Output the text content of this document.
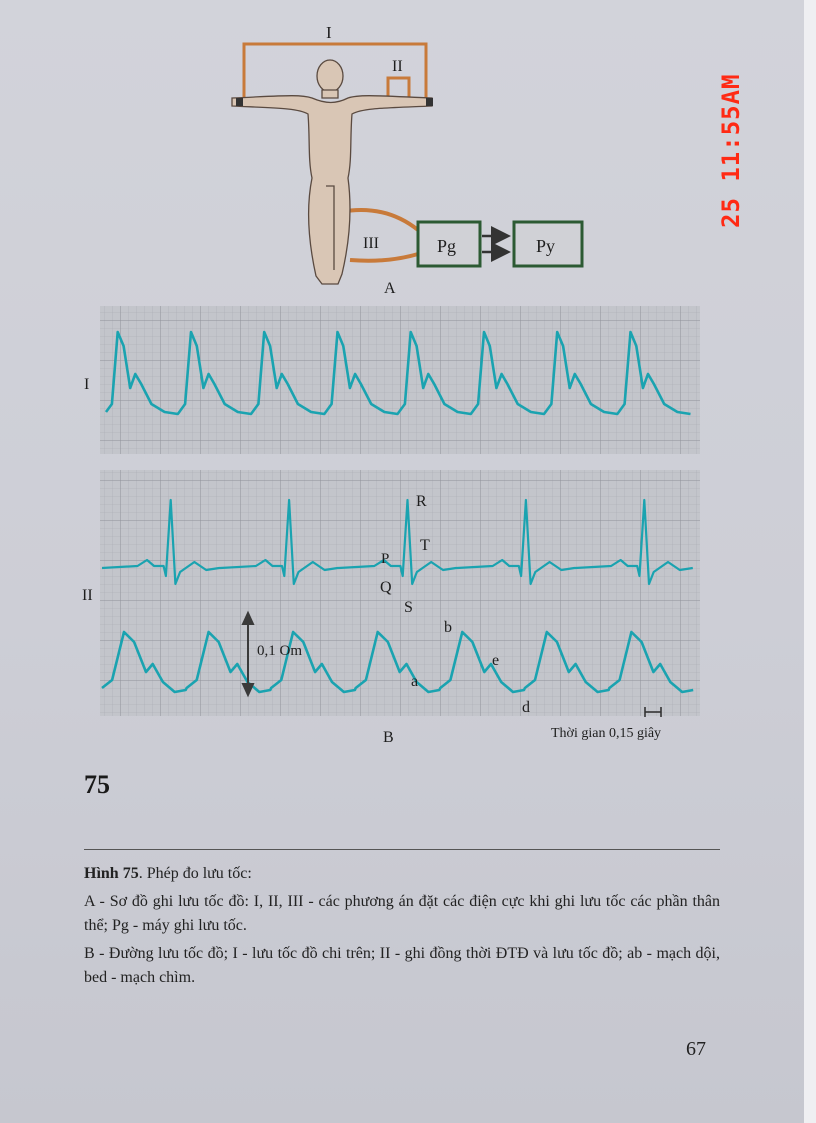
I
II
III	Pg	Py
A
I
II
R
T
P
Q
S
b
e
a
d
0,1 Om
Thời gian 0,15 giây
B
25 11:55AM
75

Hình 75. Phép đo lưu tốc:

A - Sơ đồ ghi lưu tốc đồ: I, II, III - các phương án đặt các điện cực khi ghi lưu tốc các phần thân thể; Pg - máy ghi lưu tốc.

B - Đường lưu tốc đồ; I - lưu tốc đồ chi trên; II - ghi đồng thời ĐTĐ và lưu tốc đồ; ab - mạch dội, bed - mạch chìm.

67
